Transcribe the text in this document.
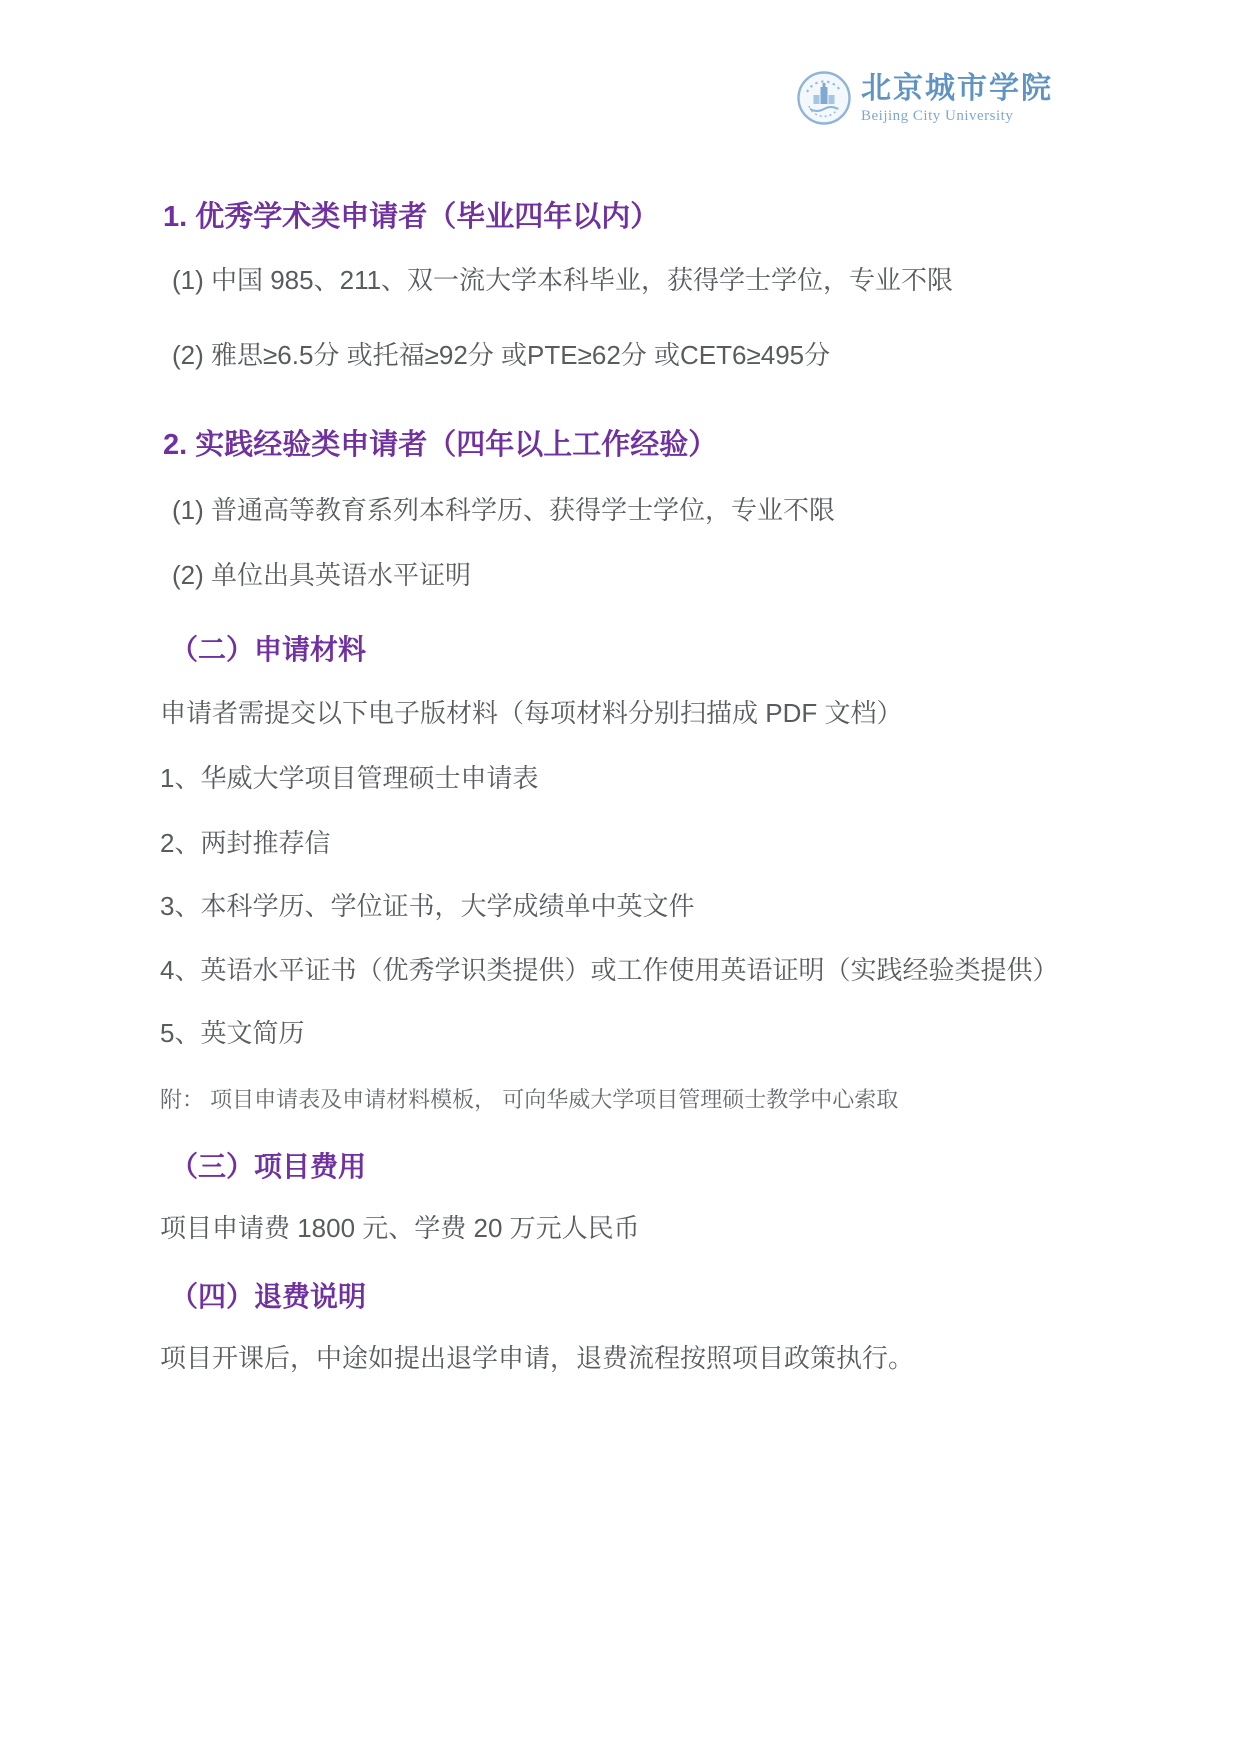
北京城市学院
Beijing City University

1. 优秀学术类申请者（毕业四年以内）

(1) 中国 985、211、双一流大学本科毕业，获得学士学位，专业不限

(2) 雅思≥6.5分 或托福≥92分 或PTE≥62分 或CET6≥495分

2. 实践经验类申请者（四年以上工作经验）

(1) 普通高等教育系列本科学历、获得学士学位，专业不限

(2) 单位出具英语水平证明

（二）申请材料

申请者需提交以下电子版材料（每项材料分别扫描成 PDF 文档）

1、华威大学项目管理硕士申请表

2、两封推荐信

3、本科学历、学位证书，大学成绩单中英文件

4、英语水平证书（优秀学识类提供）或工作使用英语证明（实践经验类提供）

5、英文简历

附： 项目申请表及申请材料模板， 可向华威大学项目管理硕士教学中心索取

（三）项目费用

项目申请费 1800 元、学费 20 万元人民币

（四）退费说明

项目开课后，中途如提出退学申请，退费流程按照项目政策执行。
